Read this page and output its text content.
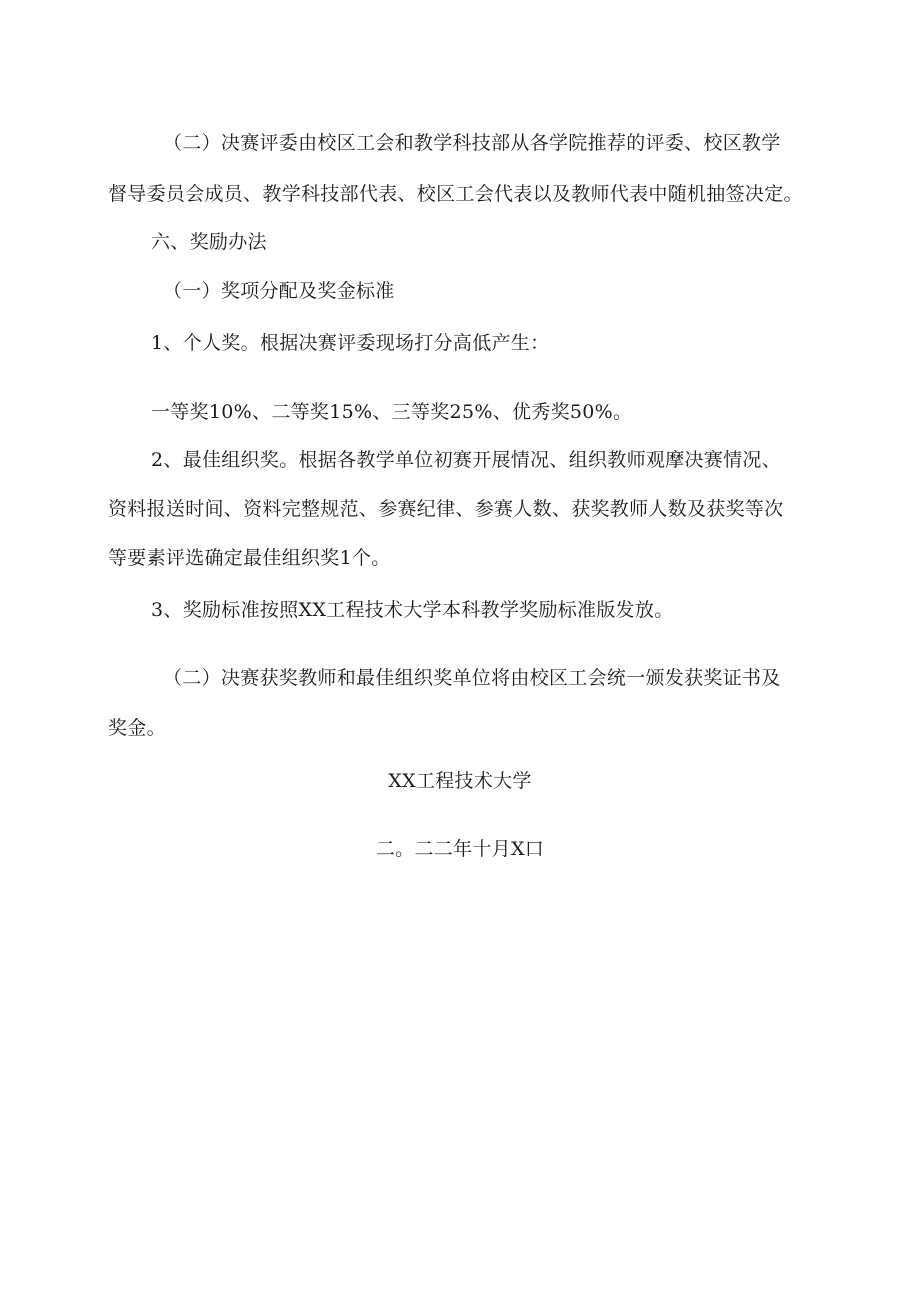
（二）决赛评委由校区工会和教学科技部从各学院推荐的评委、校区教学
督导委员会成员、教学科技部代表、校区工会代表以及教师代表中随机抽签决定。
六、奖励办法
（一）奖项分配及奖金标准
1、个人奖。根据决赛评委现场打分高低产生：
一等奖10%、二等奖15%、三等奖25%、优秀奖50%。
2、最佳组织奖。根据各教学单位初赛开展情况、组织教师观摩决赛情况、
资料报送时间、资料完整规范、参赛纪律、参赛人数、获奖教师人数及获奖等次
等要素评选确定最佳组织奖1个。
3、奖励标准按照XX工程技术大学本科教学奖励标准版发放。
（二）决赛获奖教师和最佳组织奖单位将由校区工会统一颁发获奖证书及
奖金。
XX工程技术大学
二。二二年十月X口
